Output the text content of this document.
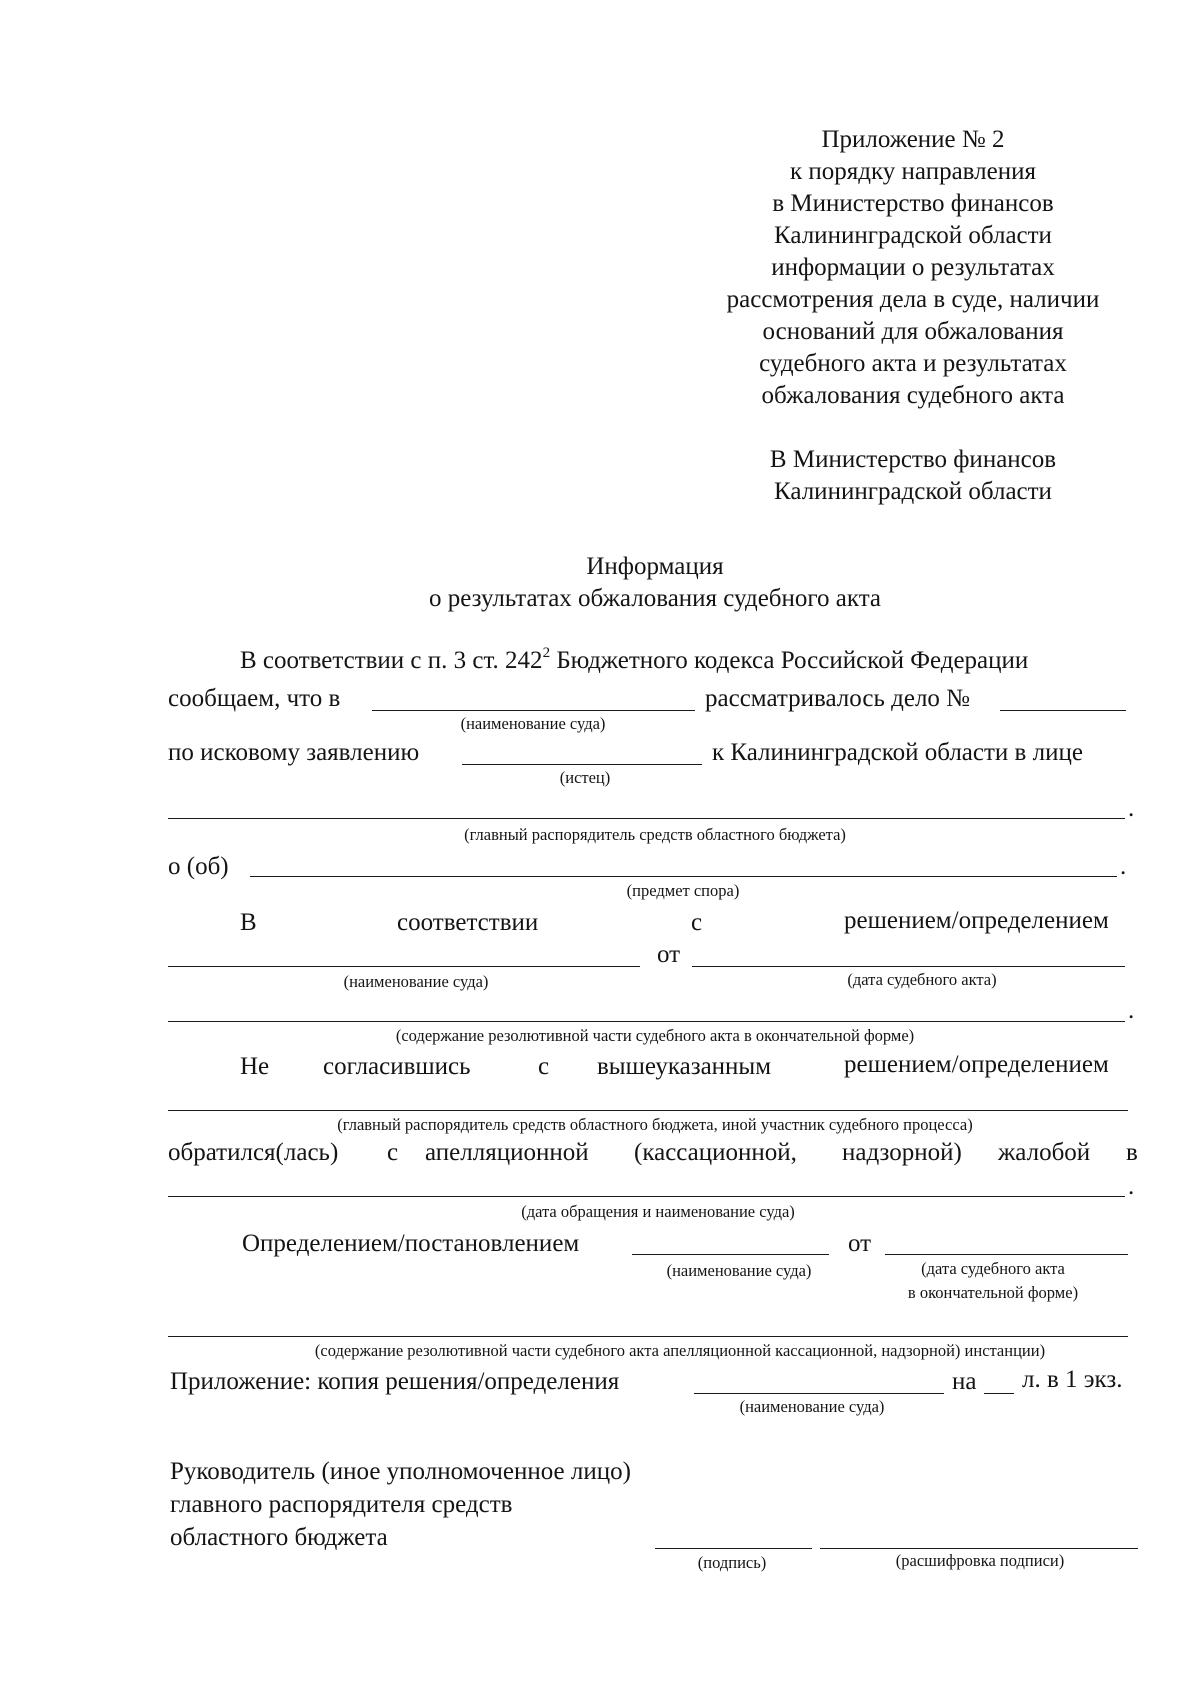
Приложение № 2
к порядку направления
в Министерство финансов
Калининградской области
информации о результатах
рассмотрения дела в суде, наличии
оснований для обжалования
судебного акта и результатах
обжалования судебного акта
В Министерство финансов
Калининградской области
Информация
о результатах обжалования судебного акта
В соответствии с п. 3 ст. $242^2$ Бюджетного кодекса Российской Федерации
сообщаем, что в	рассматривалось дело №
(наименование суда)
по исковому заявлению	к Калининградской области в лице
(истец)
.
(главный распорядитель средств областного бюджета)
о (об)	.
(предмет спора)
В	соответствии	с	решением/определением
от
(наименование суда)	(дата судебного акта)
.
(содержание резолютивной части судебного акта в окончательной форме)
Не согласившись	с вышеуказанным	решением/определением
(главный распорядитель средств областного бюджета, иной участник судебного процесса)
обратился(лась) с апелляционной (кассационной, надзорной) жалобой в
.
(дата обращения и наименование суда)
Определением/постановлением	от
(наименование суда)	(дата судебного акта
в окончательной форме)
(содержание резолютивной части судебного акта апелляционной кассационной, надзорной) инстанции)
Приложение: копия решения/определения	на л. в 1 экз.
(наименование суда)
Руководитель (иное уполномоченное лицо)
главного распорядителя средств
областного бюджета
(подпись)	(расшифровка подписи)
